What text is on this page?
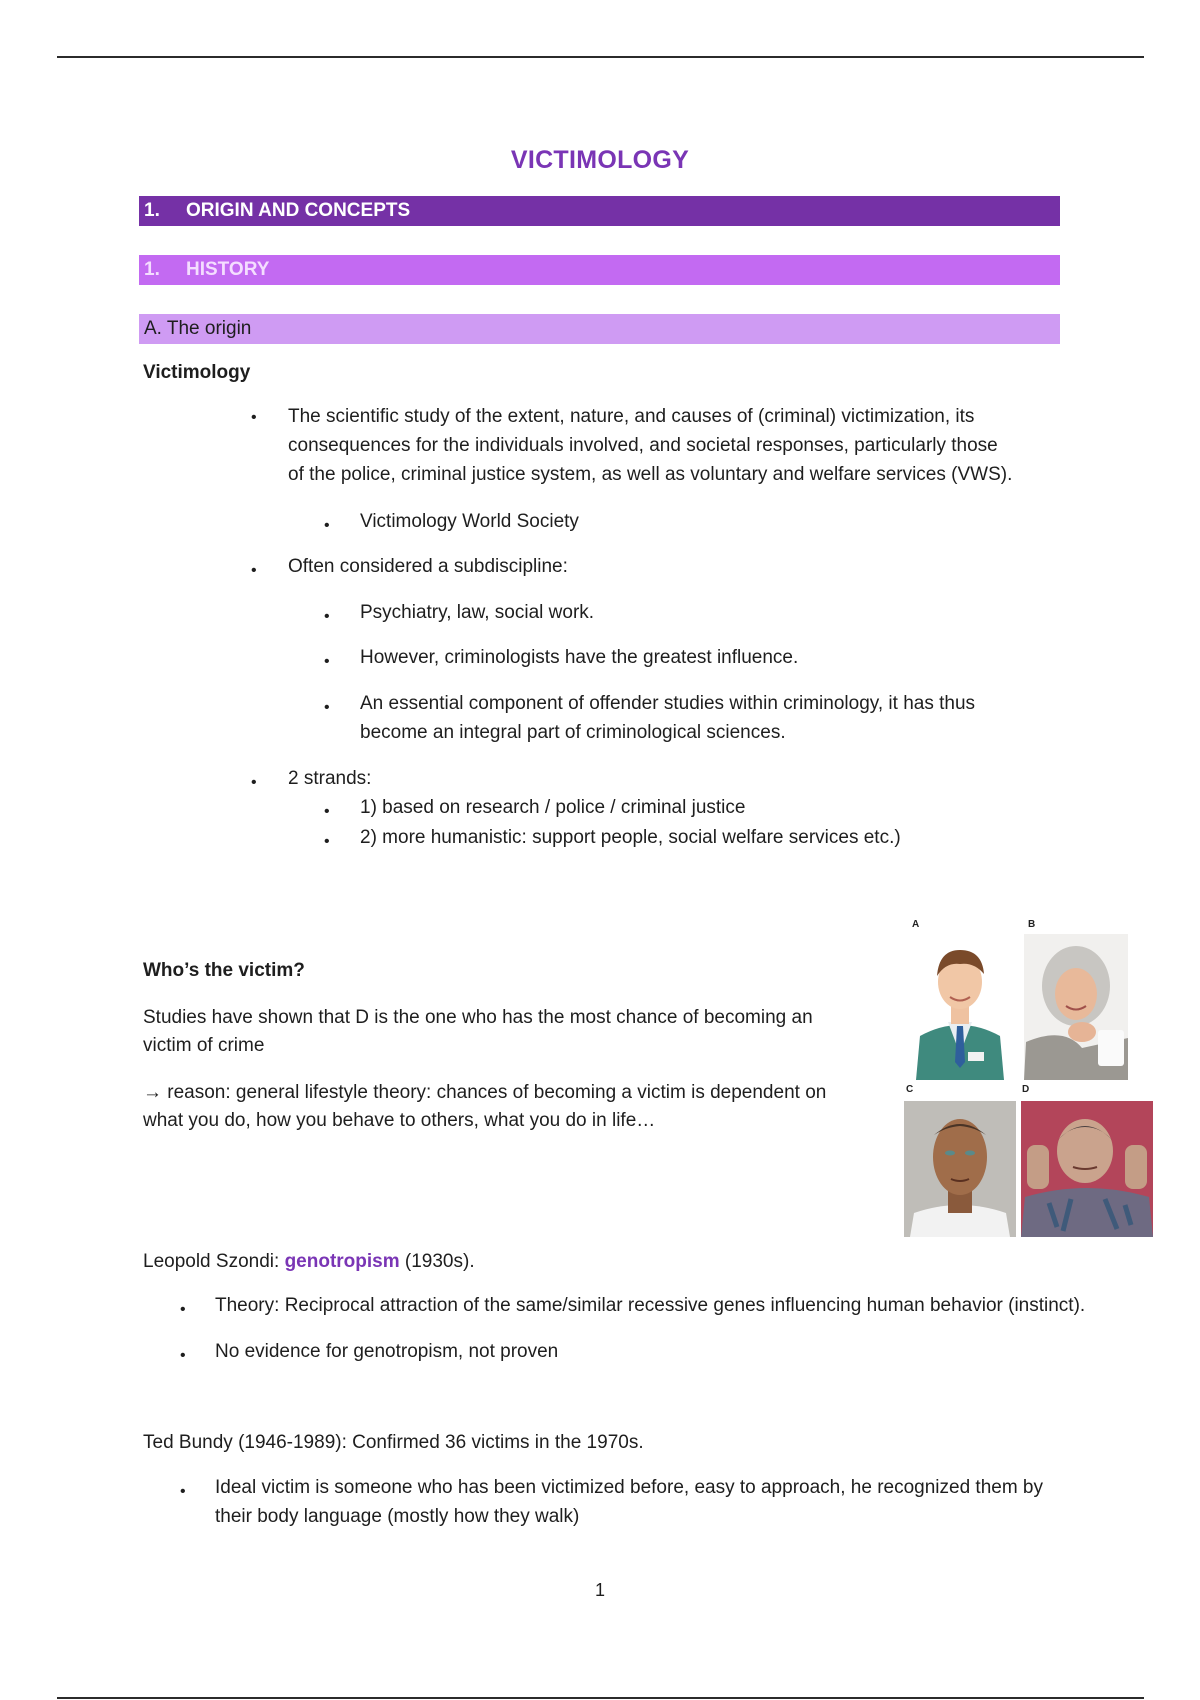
VICTIMOLOGY
1. ORIGIN AND CONCEPTS
1. HISTORY
A. The origin
Victimology
• The scientific study of the extent, nature, and causes of (criminal) victimization, its
consequences for the individuals involved, and societal responses, particularly those
of the police, criminal justice system, as well as voluntary and welfare services (VWS).
• Victimology World Society
• Often considered a subdiscipline:
• Psychiatry, law, social work.
• However, criminologists have the greatest influence.
• An essential component of offender studies within criminology, it has thus
become an integral part of criminological sciences.
• 2 strands:
• 1) based on research / police / criminal justice
• 2) more humanistic: support people, social welfare services etc.)
Who’s the victim?
Studies have shown that D is the one who has the most chance of becoming an
victim of crime
→ reason: general lifestyle theory: chances of becoming a victim is dependent on
what you do, how you behave to others, what you do in life…
A	B
C	D
Leopold Szondi: genotropism (1930s).
• Theory: Reciprocal attraction of the same/similar recessive genes influencing human behavior (instinct).
• No evidence for genotropism, not proven
Ted Bundy (1946-1989): Confirmed 36 victims in the 1970s.
• Ideal victim is someone who has been victimized before, easy to approach, he recognized them by
their body language (mostly how they walk)
1
